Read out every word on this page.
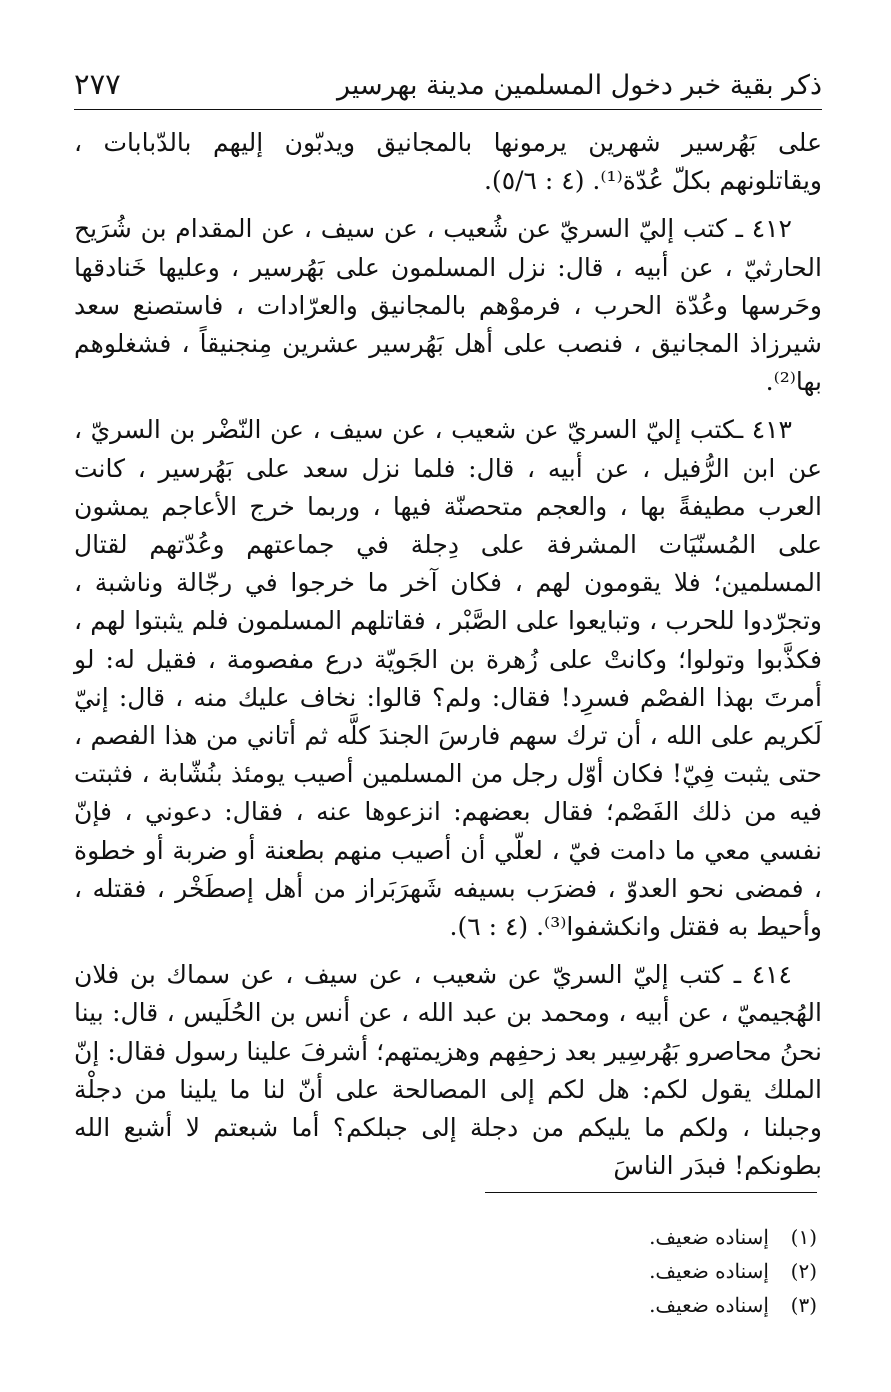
ذكر بقية خبر دخول المسلمين مدينة بهرسير
٢٧٧

على بَهُرسير شهرين يرمونها بالمجانيق ويدبّون إليهم بالدّبابات ، ويقاتلونهم بكلّ عُدّة⁽¹⁾. (٤ : ٥/٦).

٤١٢ ـ كتب إليّ السريّ عن شُعيب ، عن سيف ، عن المقدام بن شُرَيح الحارثيّ ، عن أبيه ، قال: نزل المسلمون على بَهُرسير ، وعليها خَنادقها وحَرسها وعُدّة الحرب ، فرموْهم بالمجانيق والعرّادات ، فاستصنع سعد شيرزاذ المجانيق ، فنصب على أهل بَهُرسير عشرين مِنجنيقاً ، فشغلوهم بها⁽²⁾.

٤١٣ ـكتب إليّ السريّ عن شعيب ، عن سيف ، عن النّضْر بن السريّ ، عن ابن الرُّفيل ، عن أبيه ، قال: فلما نزل سعد على بَهُرسير ، كانت العرب مطيفةً بها ، والعجم متحصنّة فيها ، وربما خرج الأعاجم يمشون على المُسنّيَات المشرفة على دِجلة في جماعتهم وعُدّتهم لقتال المسلمين؛ فلا يقومون لهم ، فكان آخر ما خرجوا في رجّالة وناشبة ، وتجرّدوا للحرب ، وتبايعوا على الصَّبْر ، فقاتلهم المسلمون فلم يثبتوا لهم ، فكذَّبوا وتولوا؛ وكانتْ على زُهرة بن الجَويّة درع مفصومة ، فقيل له: لو أمرتَ بهذا الفصْم فسرِد! فقال: ولم؟ قالوا: نخاف عليك منه ، قال: إنيّ لَكريم على الله ، أن ترك سهم فارسَ الجندَ كلَّه ثم أتاني من هذا الفصم ، حتى يثبت فِيّ! فكان أوّل رجل من المسلمين أصيب يومئذ بنُشّابة ، فثبتت فيه من ذلك الفَصْم؛ فقال بعضهم: انزعوها عنه ، فقال: دعوني ، فإنّ نفسي معي ما دامت فيّ ، لعلّي أن أصيب منهم بطعنة أو ضربة أو خطوة ، فمضى نحو العدوّ ، فضرَب بسيفه شَهرَبَراز من أهل إصطَخْر ، فقتله ، وأحيط به فقتل وانكشفوا⁽³⁾. (٤ : ٦).

٤١٤ ـ كتب إليّ السريّ عن شعيب ، عن سيف ، عن سماك بن فلان الهُجيميّ ، عن أبيه ، ومحمد بن عبد الله ، عن أنس بن الحُلَيس ، قال: بينا نحنُ محاصرو بَهُرسِير بعد زحفِهم وهزيمتهم؛ أشرفَ علينا رسول فقال: إنّ الملك يقول لكم: هل لكم إلى المصالحة على أنّ لنا ما يلينا من دجلْة وجبلنا ، ولكم ما يليكم من دجلة إلى جبلكم؟ أما شبعتم لا أشبع الله بطونكم! فبدَر الناسَ

(١)إسناده ضعيف.
(٢)إسناده ضعيف.
(٣)إسناده ضعيف.
